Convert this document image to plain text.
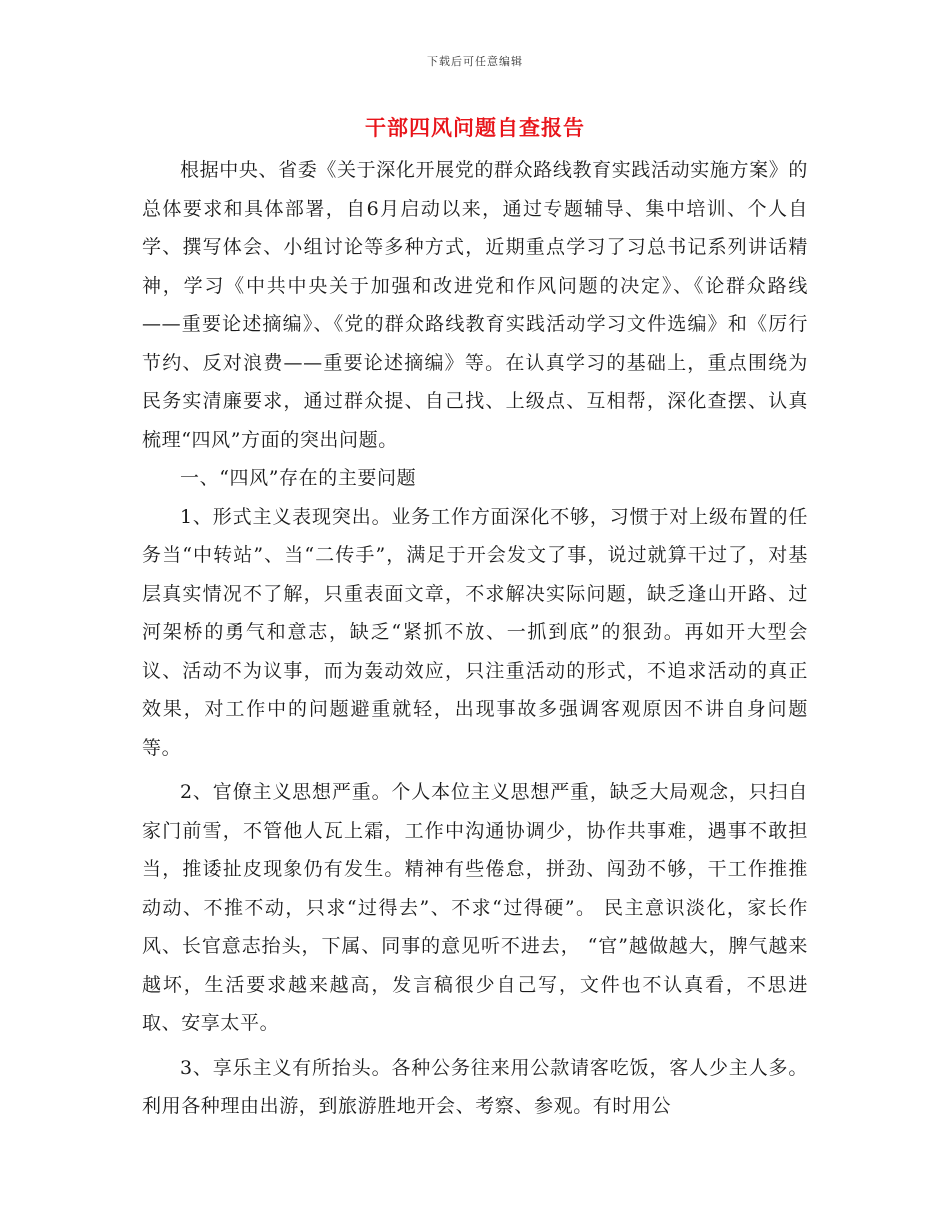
下载后可任意编辑
干部四风问题自查报告

根据中央、省委《关于深化开展党的群众路线教育实践活动实施方案》的总体要求和具体部署，自6月启动以来，通过专题辅导、集中培训、个人自学、撰写体会、小组讨论等多种方式，近期重点学习了习总书记系列讲话精神，学习《中共中央关于加强和改进党和作风问题的决定》、《论群众路线——重要论述摘编》、《党的群众路线教育实践活动学习文件选编》和《厉行节约、反对浪费——重要论述摘编》等。在认真学习的基础上，重点围绕为民务实清廉要求，通过群众提、自己找、上级点、互相帮，深化查摆、认真梳理“四风”方面的突出问题。

一、“四风”存在的主要问题

1、形式主义表现突出。业务工作方面深化不够，习惯于对上级布置的任务当“中转站”、当“二传手”，满足于开会发文了事，说过就算干过了，对基层真实情况不了解，只重表面文章，不求解决实际问题，缺乏逢山开路、过河架桥的勇气和意志，缺乏“紧抓不放、一抓到底”的狠劲。再如开大型会议、活动不为议事，而为轰动效应，只注重活动的形式，不追求活动的真正效果，对工作中的问题避重就轻，出现事故多强调客观原因不讲自身问题等。

2、官僚主义思想严重。个人本位主义思想严重，缺乏大局观念，只扫自家门前雪，不管他人瓦上霜，工作中沟通协调少，协作共事难，遇事不敢担当，推诿扯皮现象仍有发生。精神有些倦怠，拼劲、闯劲不够，干工作推推动动、不推不动，只求“过得去”、不求“过得硬”。 民主意识淡化，家长作风、长官意志抬头，下属、同事的意见听不进去， “官”越做越大，脾气越来越坏，生活要求越来越高，发言稿很少自己写，文件也不认真看，不思进取、安享太平。

3、享乐主义有所抬头。各种公务往来用公款请客吃饭，客人少主人多。利用各种理由出游，到旅游胜地开会、考察、参观。有时用公
